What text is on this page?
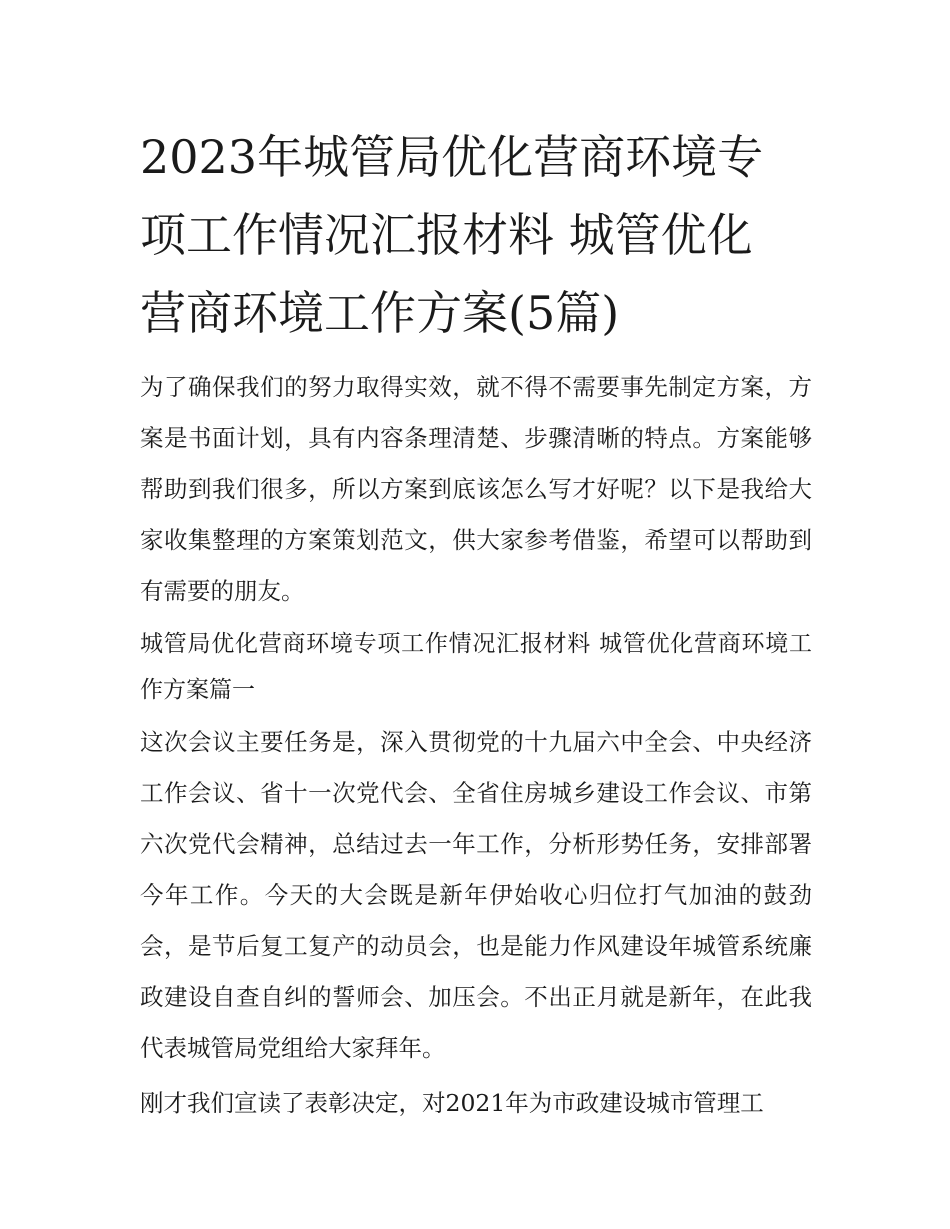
2023年城管局优化营商环境专
项工作情况汇报材料 城管优化
营商环境工作方案(5篇)

为了确保我们的努力取得实效，就不得不需要事先制定方案，方案是书面计划，具有内容条理清楚、步骤清晰的特点。方案能够帮助到我们很多，所以方案到底该怎么写才好呢？以下是我给大家收集整理的方案策划范文，供大家参考借鉴，希望可以帮助到有需要的朋友。

城管局优化营商环境专项工作情况汇报材料 城管优化营商环境工作方案篇一

这次会议主要任务是，深入贯彻党的十九届六中全会、中央经济工作会议、省十一次党代会、全省住房城乡建设工作会议、市第六次党代会精神，总结过去一年工作，分析形势任务，安排部署今年工作。今天的大会既是新年伊始收心归位打气加油的鼓劲会，是节后复工复产的动员会，也是能力作风建设年城管系统廉政建设自查自纠的誓师会、加压会。不出正月就是新年，在此我代表城管局党组给大家拜年。

刚才我们宣读了表彰决定，对2021年为市政建设城市管理工
